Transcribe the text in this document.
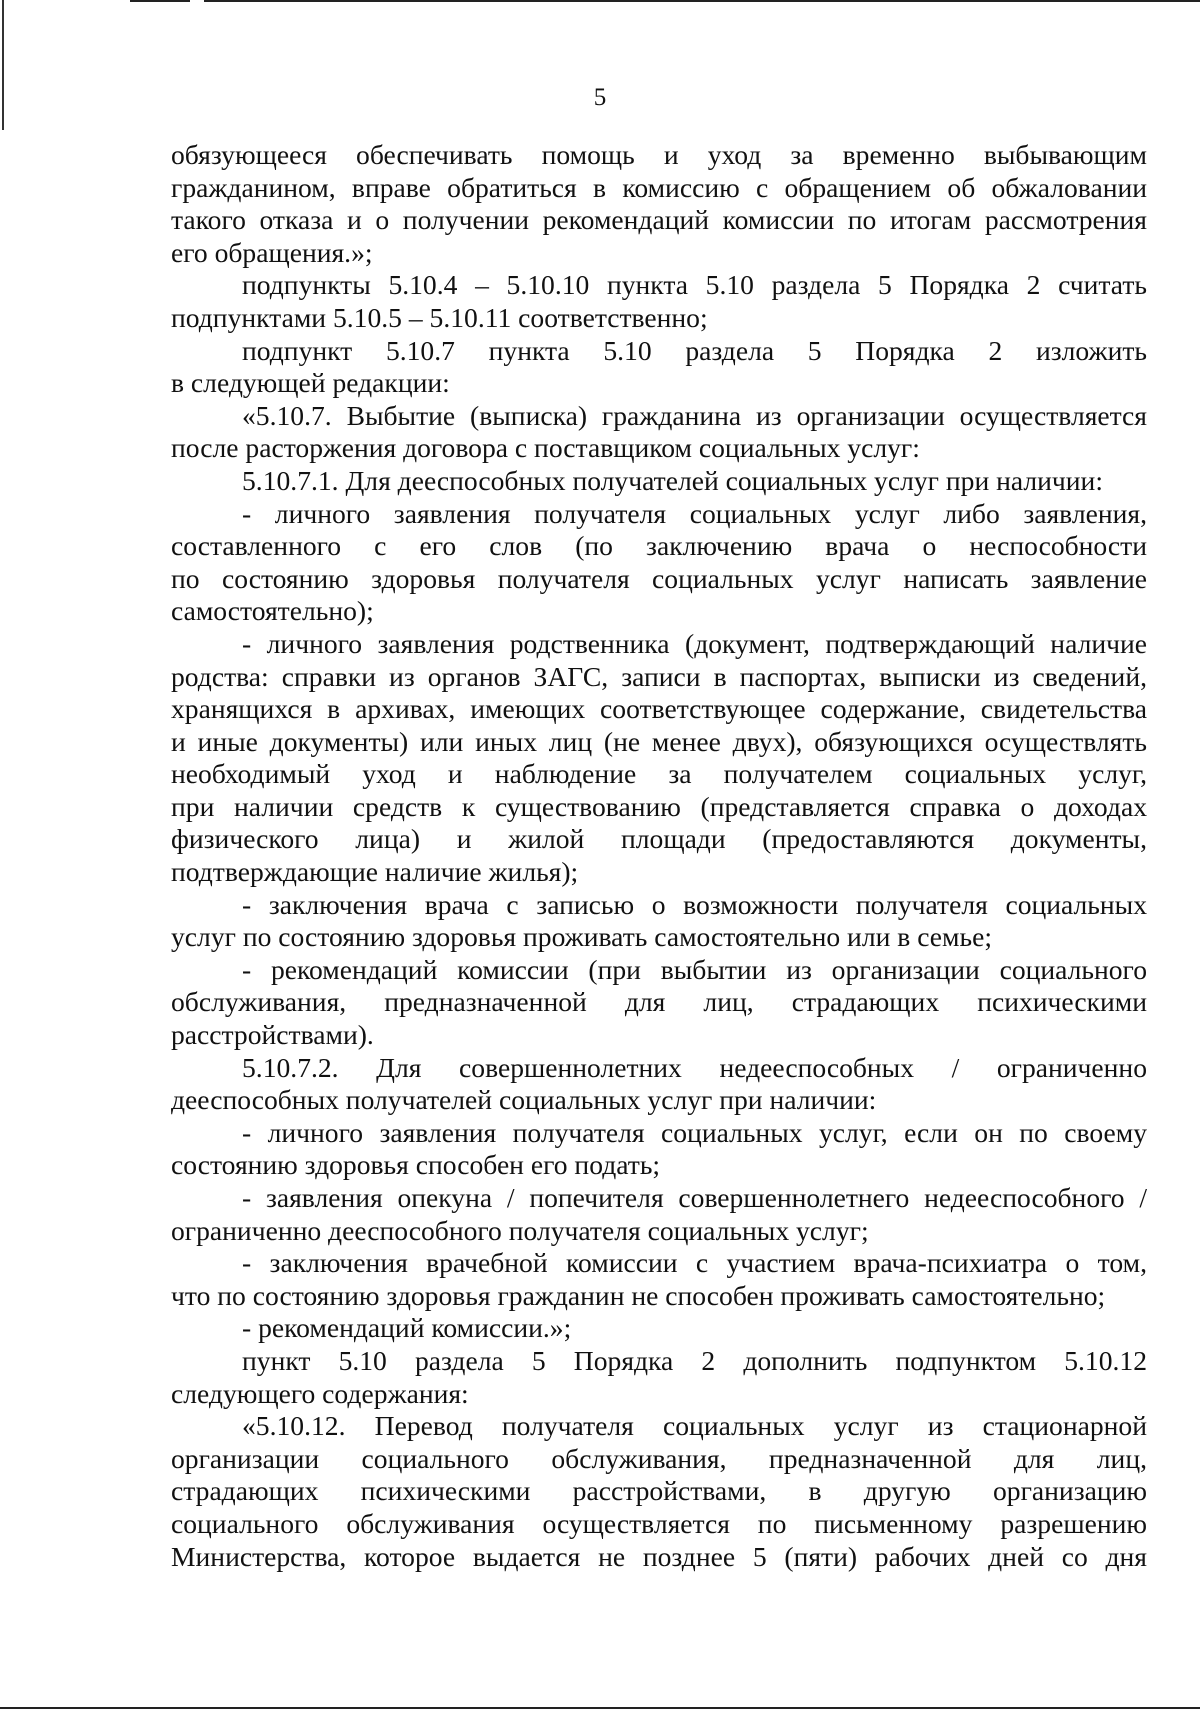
5

обязующееся обеспечивать помощь и уход за временно выбывающим
гражданином, вправе обратиться в комиссию с обращением об обжаловании
такого отказа и о получении рекомендаций комиссии по итогам рассмотрения
его обращения.»;

подпункты 5.10.4 – 5.10.10 пункта 5.10 раздела 5 Порядка 2 считать
подпунктами 5.10.5 – 5.10.11 соответственно;

подпункт 5.10.7 пункта 5.10 раздела 5 Порядка 2 изложить
в следующей редакции:

«5.10.7. Выбытие (выписка) гражданина из организации осуществляется
после расторжения договора с поставщиком социальных услуг:

5.10.7.1. Для дееспособных получателей социальных услуг при наличии:

- личного заявления получателя социальных услуг либо заявления,
составленного с его слов (по заключению врача о неспособности
по состоянию здоровья получателя социальных услуг написать заявление
самостоятельно);

- личного заявления родственника (документ, подтверждающий наличие
родства: справки из органов ЗАГС, записи в паспортах, выписки из сведений,
хранящихся в архивах, имеющих соответствующее содержание, свидетельства
и иные документы) или иных лиц (не менее двух), обязующихся осуществлять
необходимый уход и наблюдение за получателем социальных услуг,
при наличии средств к существованию (представляется справка о доходах
физического лица) и жилой площади (предоставляются документы,
подтверждающие наличие жилья);

- заключения врача с записью о возможности получателя социальных
услуг по состоянию здоровья проживать самостоятельно или в семье;

- рекомендаций комиссии (при выбытии из организации социального
обслуживания, предназначенной для лиц, страдающих психическими
расстройствами).

5.10.7.2. Для совершеннолетних недееспособных / ограниченно
дееспособных получателей социальных услуг при наличии:

- личного заявления получателя социальных услуг, если он по своему
состоянию здоровья способен его подать;

- заявления опекуна / попечителя совершеннолетнего недееспособного /
ограниченно дееспособного получателя социальных услуг;

- заключения врачебной комиссии с участием врача-психиатра о том,
что по состоянию здоровья гражданин не способен проживать самостоятельно;

- рекомендаций комиссии.»;

пункт 5.10 раздела 5 Порядка 2 дополнить подпунктом 5.10.12
следующего содержания:

«5.10.12. Перевод получателя социальных услуг из стационарной
организации социального обслуживания, предназначенной для лиц,
страдающих психическими расстройствами, в другую организацию
социального обслуживания осуществляется по письменному разрешению
Министерства, которое выдается не позднее 5 (пяти) рабочих дней со дня
